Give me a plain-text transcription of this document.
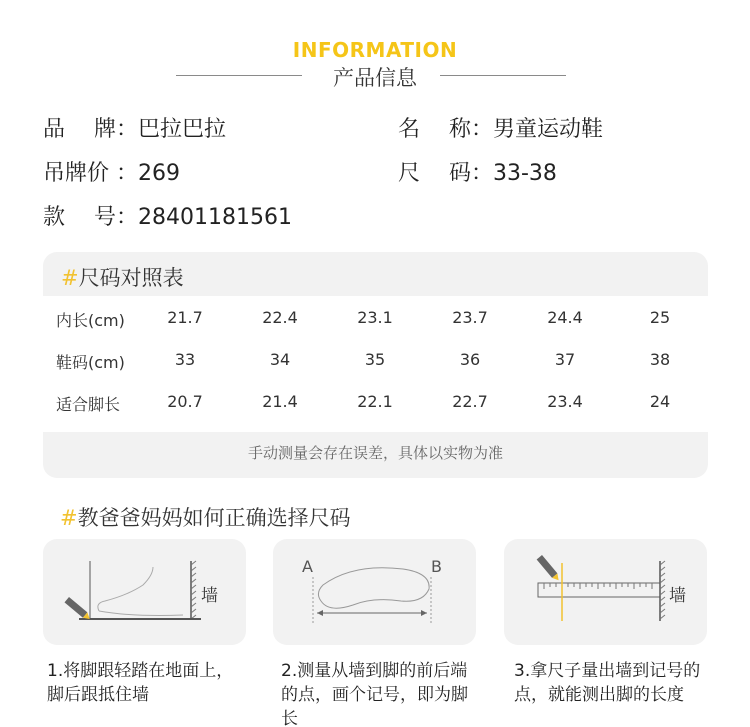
INFORMATION
产品信息
品　 牌：巴拉巴拉	名　 称：男童运动鞋
吊牌价 ：269	尺　 码：33-38
款　 号：28401181561
#尺码对照表
内长(cm)	21.7	22.4	23.1	23.7	24.4	25
鞋码(cm)	33	34	35	36	37	38
适合脚长	20.7	21.4	22.1	22.7	23.4	24
手动测量会存在误差，具体以实物为准
#教爸爸妈妈如何正确选择尺码
墙
A	B
墙
1.将脚跟轻踏在地面上，脚后跟抵住墙
2.测量从墙到脚的前后端的点，画个记号，即为脚长
3.拿尺子量出墙到记号的点，就能测出脚的长度
